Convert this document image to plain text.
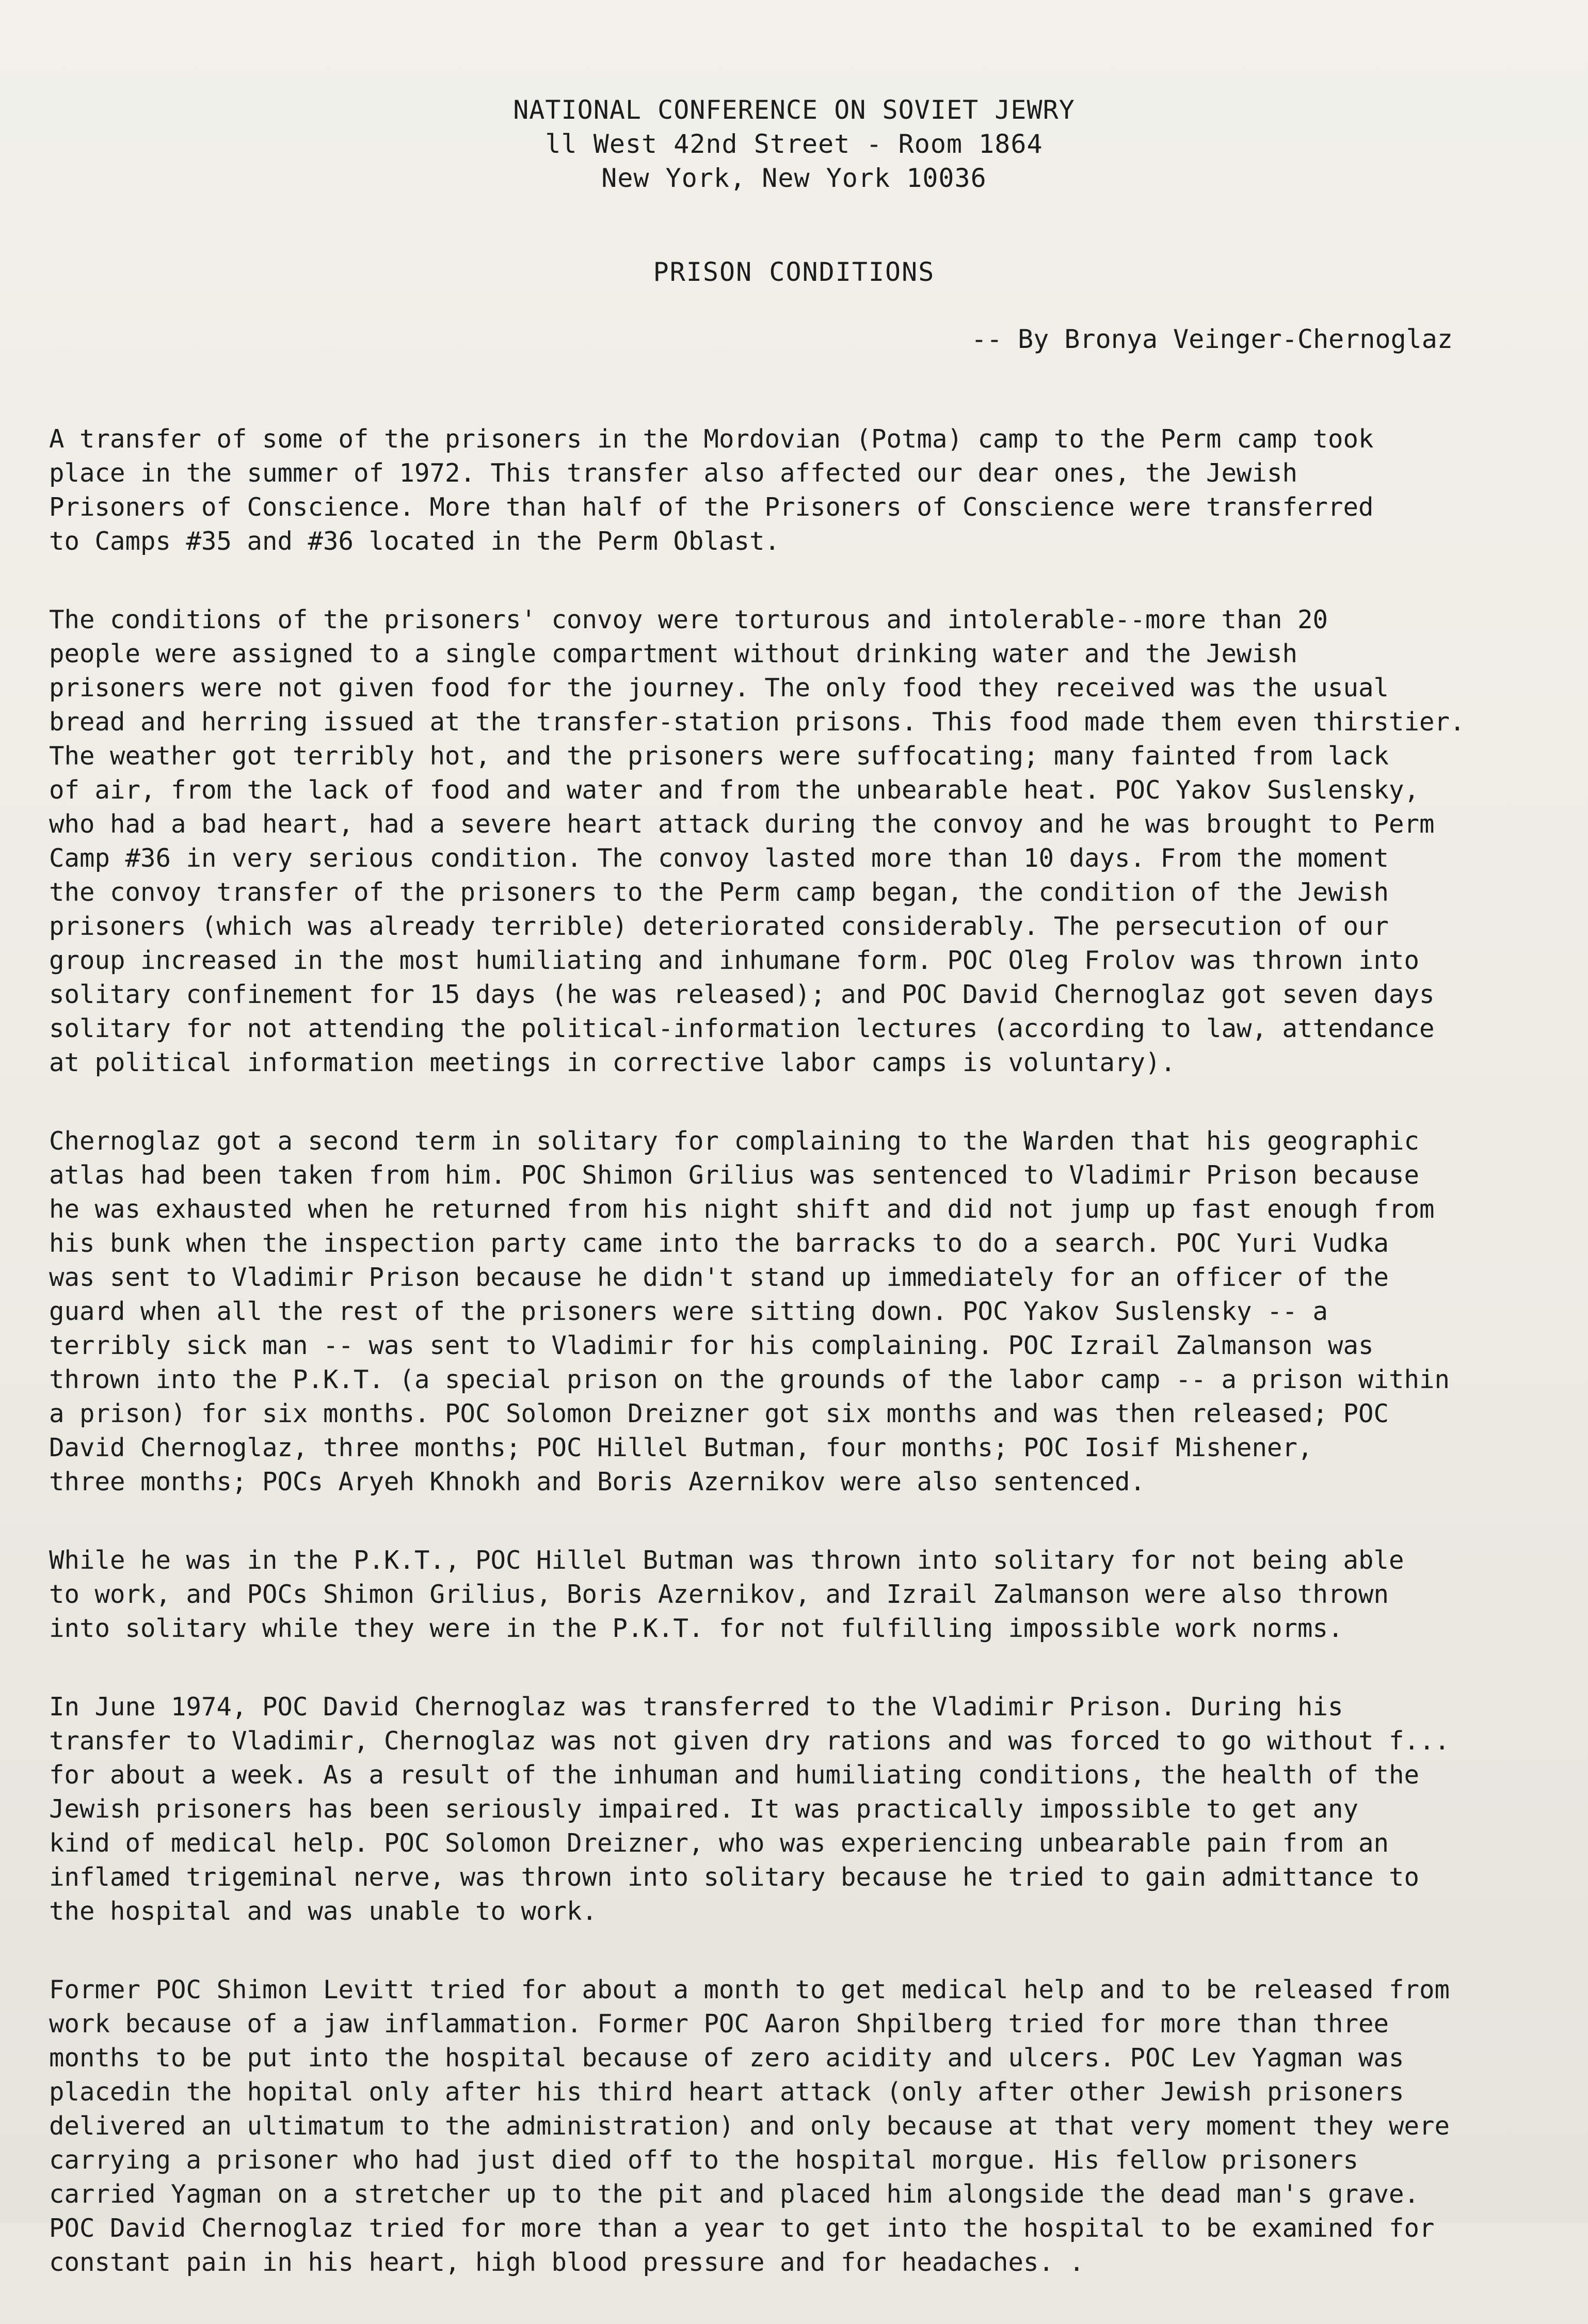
NATIONAL CONFERENCE ON SOVIET JEWRY
ll West 42nd Street - Room 1864
New York, New York 10036
PRISON CONDITIONS
-- By Bronya Veinger-Chernoglaz
A transfer of some of the prisoners in the Mordovian (Potma) camp to the Perm camp took
place in the summer of 1972. This transfer also affected our dear ones, the Jewish
Prisoners of Conscience. More than half of the Prisoners of Conscience were transferred
to Camps #35 and #36 located in the Perm Oblast.
The conditions of the prisoners' convoy were torturous and intolerable--more than 20
people were assigned to a single compartment without drinking water and the Jewish
prisoners were not given food for the journey. The only food they received was the usual
bread and herring issued at the transfer-station prisons. This food made them even thirstier.
The weather got terribly hot, and the prisoners were suffocating; many fainted from lack
of air, from the lack of food and water and from the unbearable heat. POC Yakov Suslensky,
who had a bad heart, had a severe heart attack during the convoy and he was brought to Perm
Camp #36 in very serious condition. The convoy lasted more than 10 days. From the moment
the convoy transfer of the prisoners to the Perm camp began, the condition of the Jewish
prisoners (which was already terrible) deteriorated considerably. The persecution of our
group increased in the most humiliating and inhumane form. POC Oleg Frolov was thrown into
solitary confinement for 15 days (he was released); and POC David Chernoglaz got seven days
solitary for not attending the political-information lectures (according to law, attendance
at political information meetings in corrective labor camps is voluntary).
Chernoglaz got a second term in solitary for complaining to the Warden that his geographic
atlas had been taken from him. POC Shimon Grilius was sentenced to Vladimir Prison because
he was exhausted when he returned from his night shift and did not jump up fast enough from
his bunk when the inspection party came into the barracks to do a search. POC Yuri Vudka
was sent to Vladimir Prison because he didn't stand up immediately for an officer of the
guard when all the rest of the prisoners were sitting down. POC Yakov Suslensky -- a
terribly sick man -- was sent to Vladimir for his complaining. POC Izrail Zalmanson was
thrown into the P.K.T. (a special prison on the grounds of the labor camp -- a prison within
a prison) for six months. POC Solomon Dreizner got six months and was then released; POC
David Chernoglaz, three months; POC Hillel Butman, four months; POC Iosif Mishener,
three months; POCs Aryeh Khnokh and Boris Azernikov were also sentenced.
While he was in the P.K.T., POC Hillel Butman was thrown into solitary for not being able
to work, and POCs Shimon Grilius, Boris Azernikov, and Izrail Zalmanson were also thrown
into solitary while they were in the P.K.T. for not fulfilling impossible work norms.
In June 1974, POC David Chernoglaz was transferred to the Vladimir Prison. During his
transfer to Vladimir, Chernoglaz was not given dry rations and was forced to go without f...
for about a week. As a result of the inhuman and humiliating conditions, the health of the
Jewish prisoners has been seriously impaired. It was practically impossible to get any
kind of medical help. POC Solomon Dreizner, who was experiencing unbearable pain from an
inflamed trigeminal nerve, was thrown into solitary because he tried to gain admittance to
the hospital and was unable to work.
Former POC Shimon Levitt tried for about a month to get medical help and to be released from
work because of a jaw inflammation. Former POC Aaron Shpilberg tried for more than three
months to be put into the hospital because of zero acidity and ulcers. POC Lev Yagman was
placedin the hopital only after his third heart attack (only after other Jewish prisoners
delivered an ultimatum to the administration) and only because at that very moment they were
carrying a prisoner who had just died off to the hospital morgue. His fellow prisoners
carried Yagman on a stretcher up to the pit and placed him alongside the dead man's grave.
POC David Chernoglaz tried for more than a year to get into the hospital to be examined for
constant pain in his heart, high blood pressure and for headaches. .
